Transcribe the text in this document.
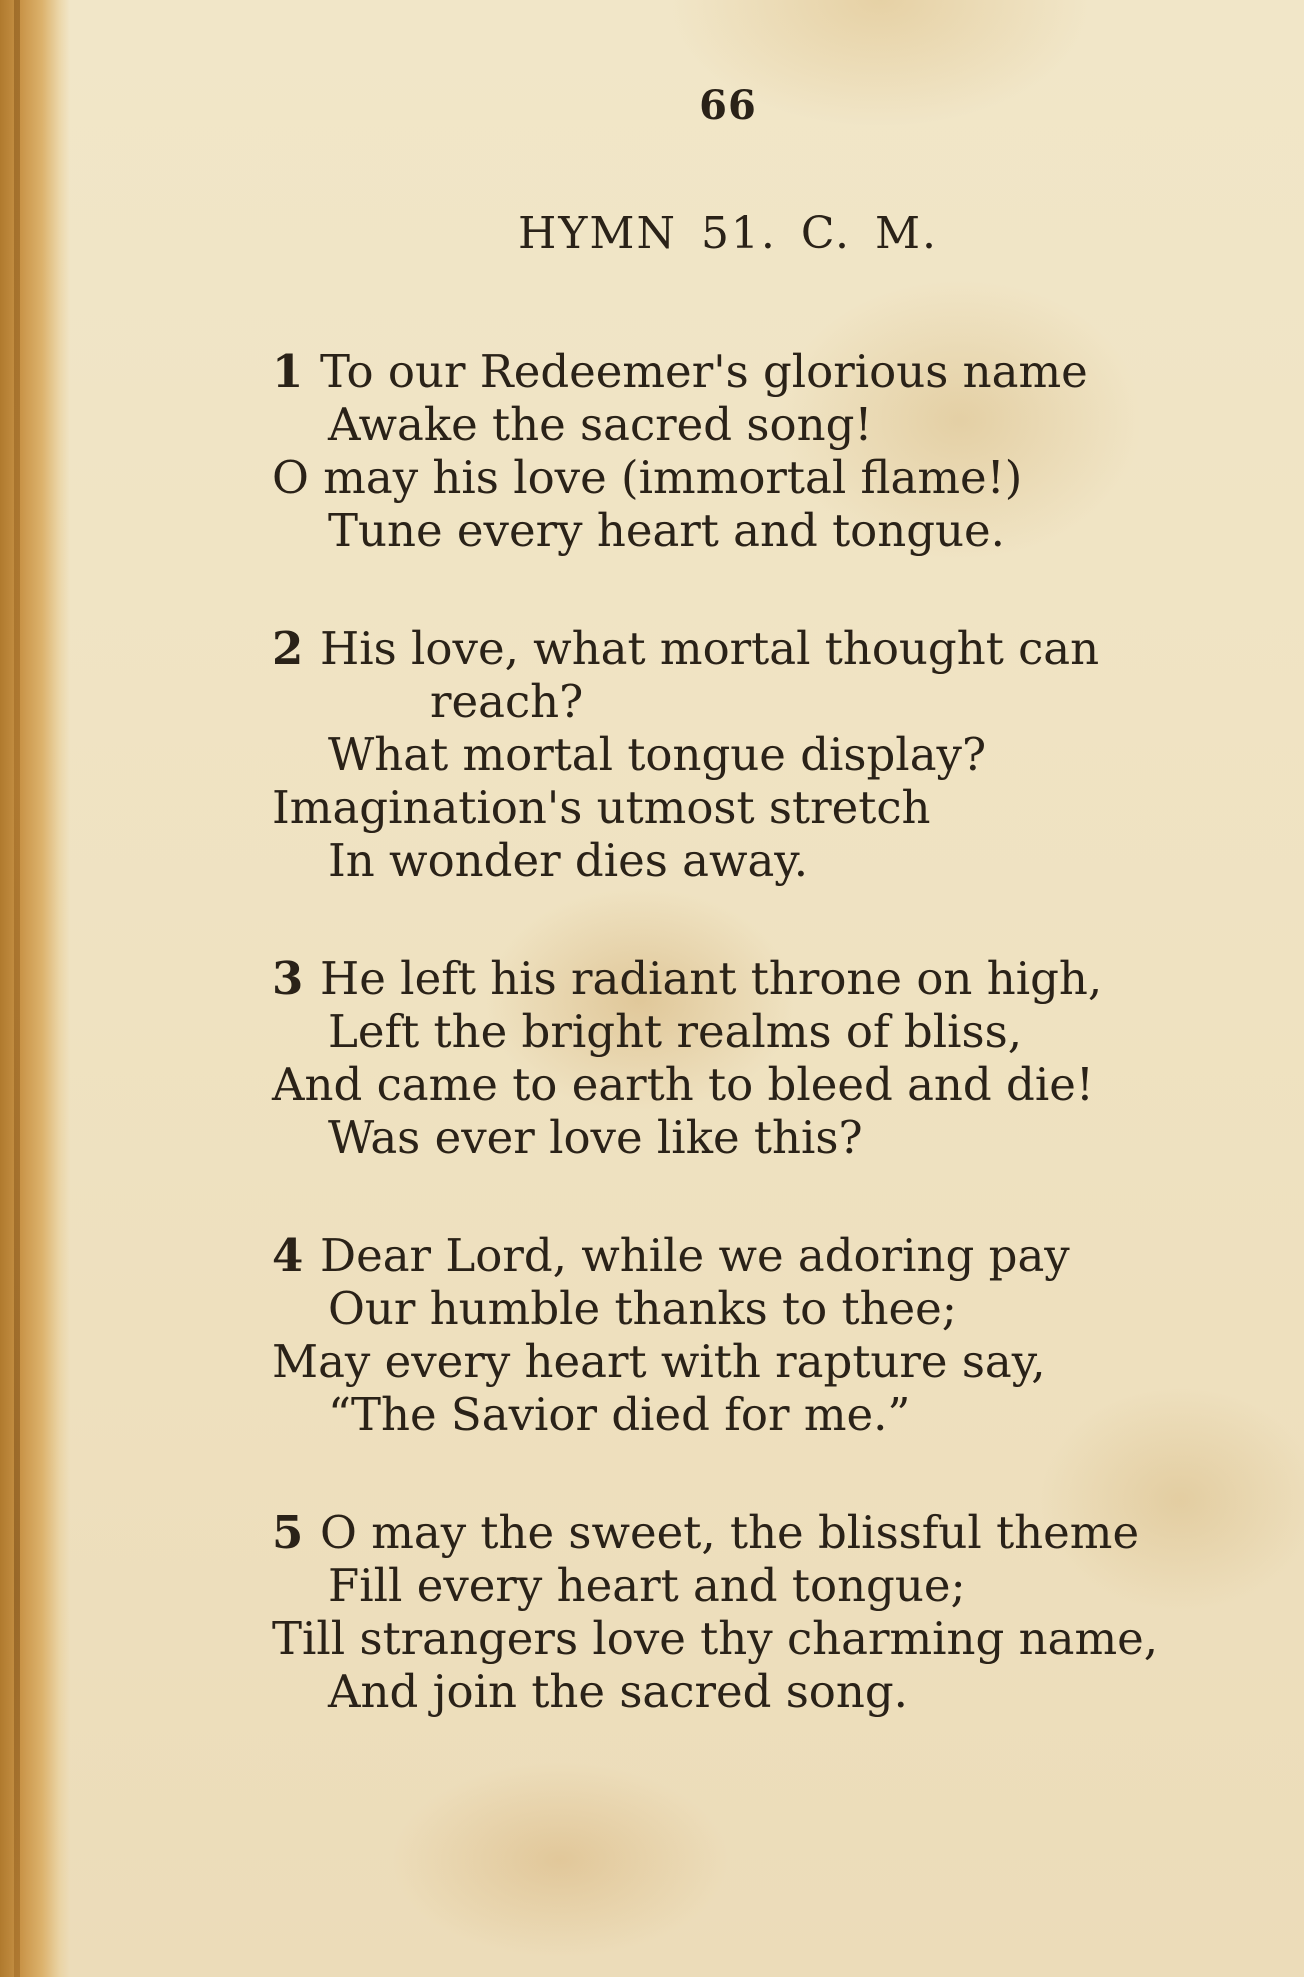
66
HYMN 51. C. M.
1 To our Redeemer's glorious name
Awake the sacred song!
O may his love (immortal flame!)
Tune every heart and tongue.
2 His love, what mortal thought can
reach?
What mortal tongue display?
Imagination's utmost stretch
In wonder dies away.
3 He left his radiant throne on high,
Left the bright realms of bliss,
And came to earth to bleed and die!
Was ever love like this?
4 Dear Lord, while we adoring pay
Our humble thanks to thee;
May every heart with rapture say,
“The Savior died for me.”
5 O may the sweet, the blissful theme
Fill every heart and tongue;
Till strangers love thy charming name,
And join the sacred song.
